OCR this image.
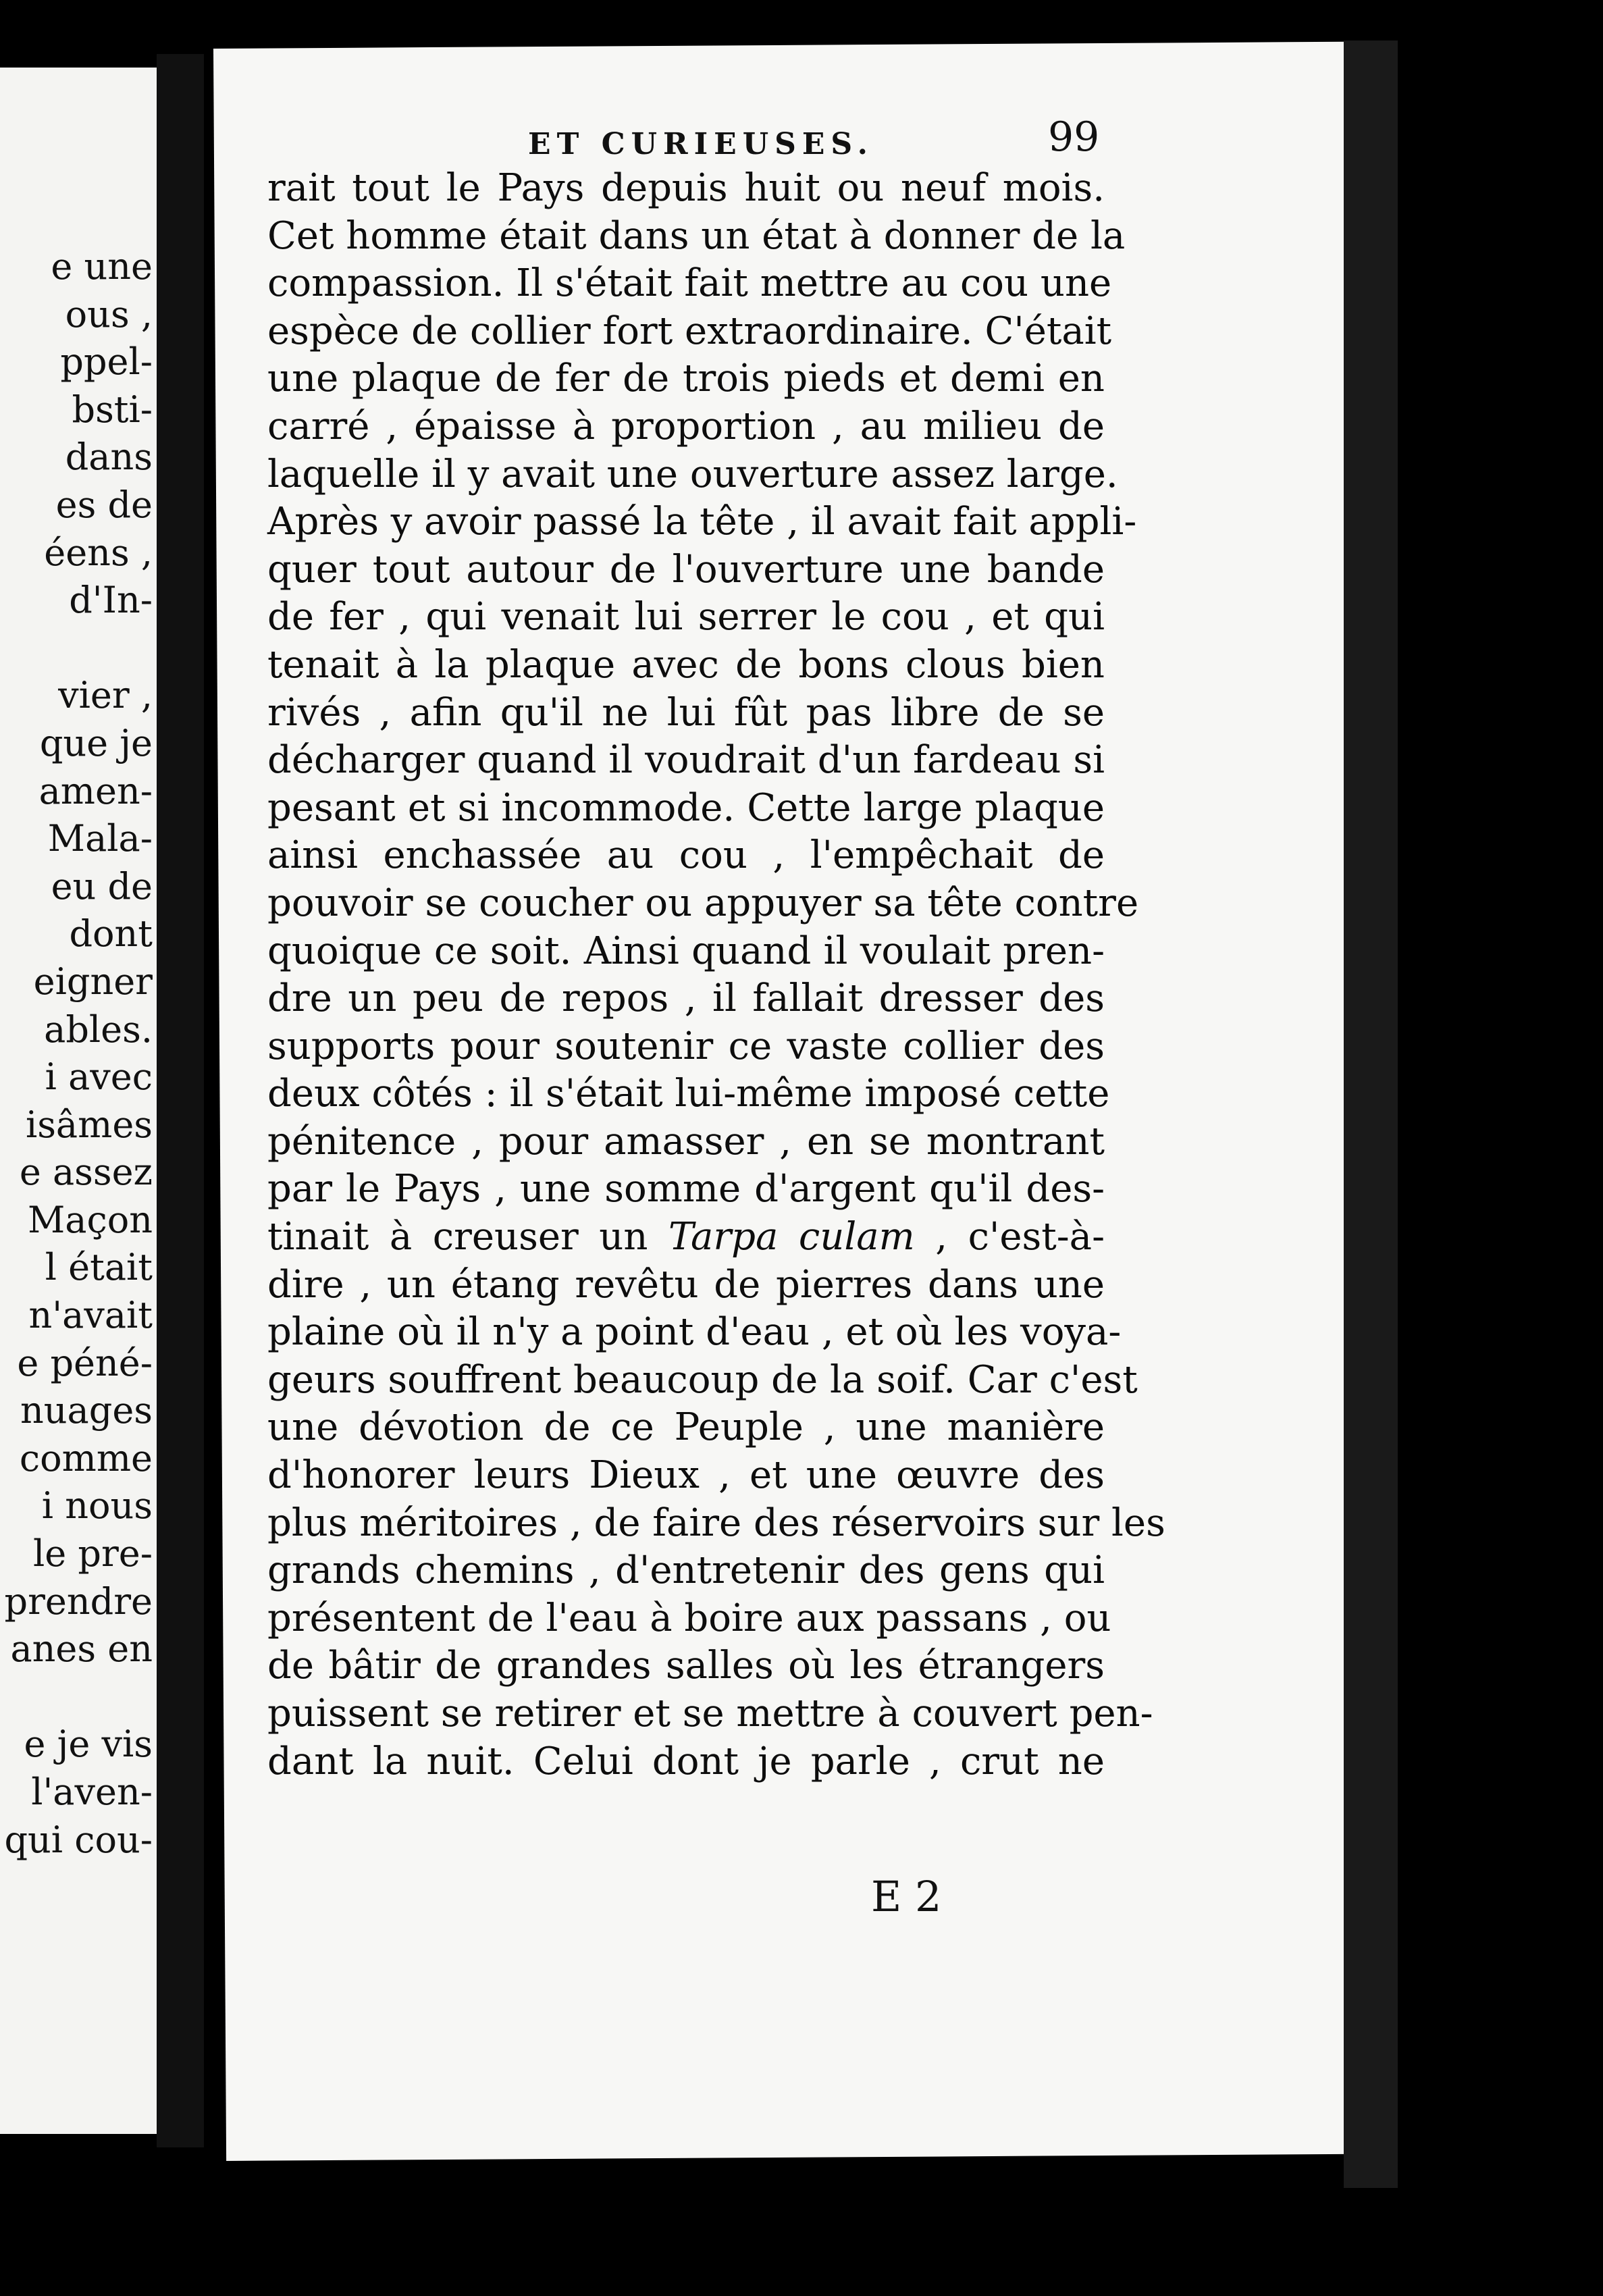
e une
ous ,
ppel-
bsti-
dans
es de
éens ,
d'In-
vier ,
que je
amen-
Mala-
eu de
dont
eigner
ables.
i avec
isâmes
e assez
Maçon
l était
n'avait
e péné-
nuages
comme
i nous
le pre-
prendre
anes en
e je vis
l'aven-
qui cou-
ET CURIEUSES.	99
rait tout le Pays depuis huit ou neuf mois.
Cet homme était dans un état à donner de la
compassion. Il s'était fait mettre au cou une
espèce de collier fort extraordinaire. C'était
une plaque de fer de trois pieds et demi en
carré , épaisse à proportion , au milieu de
laquelle il y avait une ouverture assez large.
Après y avoir passé la tête , il avait fait appli-
quer tout autour de l'ouverture une bande
de fer , qui venait lui serrer le cou , et qui
tenait à la plaque avec de bons clous bien
rivés , afin qu'il ne lui fût pas libre de se
décharger quand il voudrait d'un fardeau si
pesant et si incommode. Cette large plaque
ainsi enchassée au cou , l'empêchait de
pouvoir se coucher ou appuyer sa tête contre
quoique ce soit. Ainsi quand il voulait pren-
dre un peu de repos , il fallait dresser des
supports pour soutenir ce vaste collier des
deux côtés : il s'était lui-même imposé cette
pénitence , pour amasser , en se montrant
par le Pays , une somme d'argent qu'il des-
tinait à creuser un Tarpa culam , c'est-à-
dire , un étang revêtu de pierres dans une
plaine où il n'y a point d'eau , et où les voya-
geurs souffrent beaucoup de la soif. Car c'est
une dévotion de ce Peuple , une manière
d'honorer leurs Dieux , et une œuvre des
plus méritoires , de faire des réservoirs sur les
grands chemins , d'entretenir des gens qui
présentent de l'eau à boire aux passans , ou
de bâtir de grandes salles où les étrangers
puissent se retirer et se mettre à couvert pen-
dant la nuit. Celui dont je parle , crut ne
E 2
